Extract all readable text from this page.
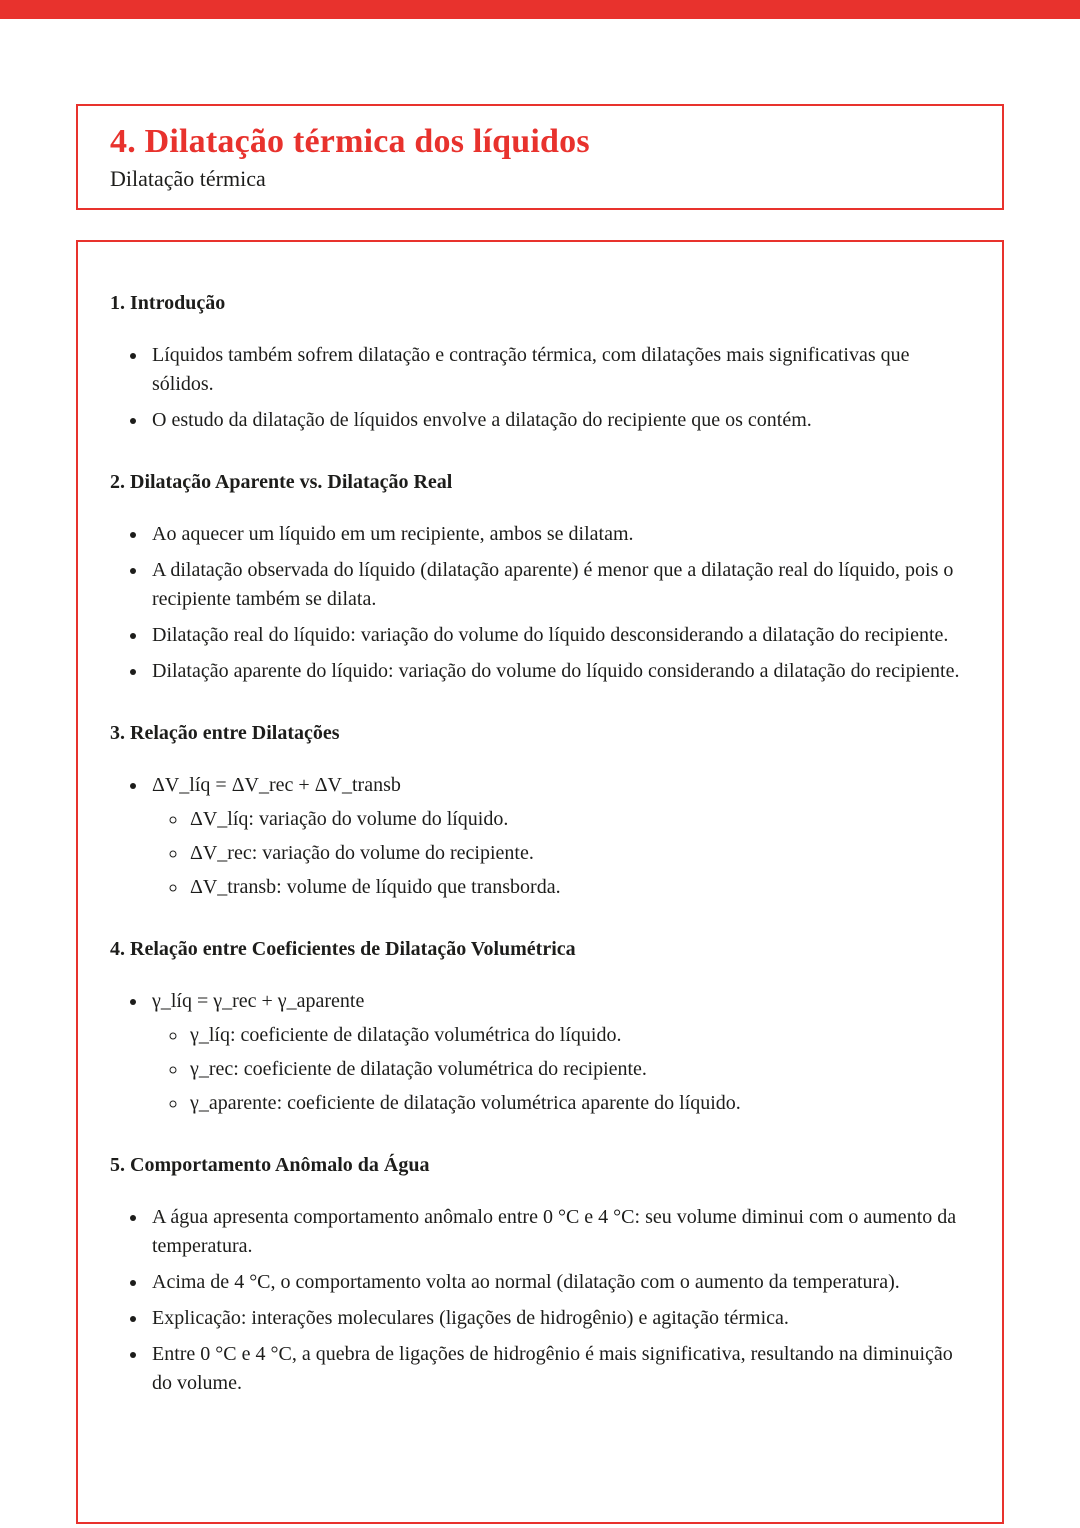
4. Dilatação térmica dos líquidos

Dilatação térmica

1. Introdução
• Líquidos também sofrem dilatação e contração térmica, com dilatações mais significativas que sólidos.
• O estudo da dilatação de líquidos envolve a dilatação do recipiente que os contém.
2. Dilatação Aparente vs. Dilatação Real
• Ao aquecer um líquido em um recipiente, ambos se dilatam.
• A dilatação observada do líquido (dilatação aparente) é menor que a dilatação real do líquido, pois o recipiente também se dilata.
• Dilatação real do líquido: variação do volume do líquido desconsiderando a dilatação do recipiente.
• Dilatação aparente do líquido: variação do volume do líquido considerando a dilatação do recipiente.
3. Relação entre Dilatações
• ΔV_líq = ΔV_rec + ΔV_transb
◦ ΔV_líq: variação do volume do líquido.
◦ ΔV_rec: variação do volume do recipiente.
◦ ΔV_transb: volume de líquido que transborda.
4. Relação entre Coeficientes de Dilatação Volumétrica
• γ_líq = γ_rec + γ_aparente
◦ γ_líq: coeficiente de dilatação volumétrica do líquido.
◦ γ_rec: coeficiente de dilatação volumétrica do recipiente.
◦ γ_aparente: coeficiente de dilatação volumétrica aparente do líquido.
5. Comportamento Anômalo da Água
• A água apresenta comportamento anômalo entre 0 °C e 4 °C: seu volume diminui com o aumento da temperatura.
• Acima de 4 °C, o comportamento volta ao normal (dilatação com o aumento da temperatura).
• Explicação: interações moleculares (ligações de hidrogênio) e agitação térmica.
• Entre 0 °C e 4 °C, a quebra de ligações de hidrogênio é mais significativa, resultando na diminuição do volume.
